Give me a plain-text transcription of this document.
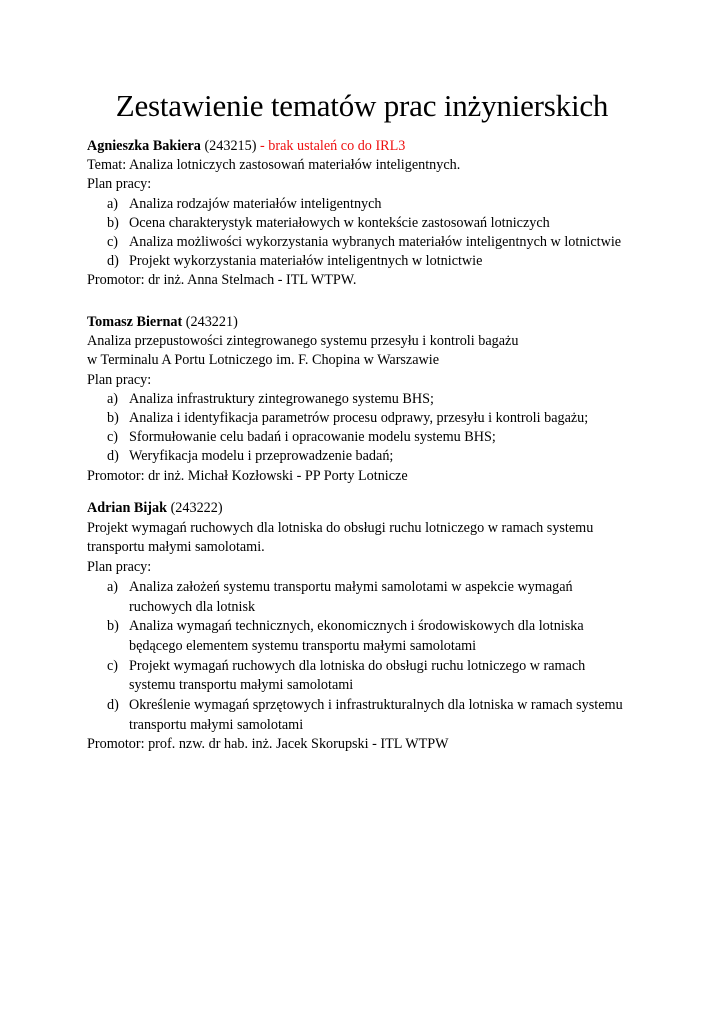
Zestawienie tematów prac inżynierskich
Agnieszka Bakiera (243215) - brak ustaleń co do IRL3
Temat: Analiza lotniczych zastosowań materiałów inteligentnych.
Plan pracy:
a) Analiza rodzajów materiałów inteligentnych
b) Ocena charakterystyk materiałowych w kontekście zastosowań lotniczych
c) Analiza możliwości wykorzystania wybranych materiałów inteligentnych w lotnictwie
d) Projekt wykorzystania materiałów inteligentnych w lotnictwie
Promotor: dr inż. Anna Stelmach - ITL WTPW.
Tomasz Biernat (243221)
Analiza przepustowości zintegrowanego systemu przesyłu i kontroli bagażu
w Terminalu A Portu Lotniczego im. F. Chopina w Warszawie
Plan pracy:
a) Analiza infrastruktury zintegrowanego systemu BHS;
b) Analiza i identyfikacja parametrów procesu odprawy, przesyłu i kontroli bagażu;
c) Sformułowanie celu badań i opracowanie modelu systemu BHS;
d) Weryfikacja modelu i przeprowadzenie badań;
Promotor: dr inż. Michał Kozłowski - PP Porty Lotnicze
Adrian Bijak (243222)
Projekt wymagań ruchowych dla lotniska do obsługi ruchu lotniczego w ramach systemu
transportu małymi samolotami.
Plan pracy:
a) Analiza założeń systemu transportu małymi samolotami w aspekcie wymagań
ruchowych dla lotnisk
b) Analiza wymagań technicznych, ekonomicznych i środowiskowych dla lotniska
będącego elementem systemu transportu małymi samolotami
c) Projekt wymagań ruchowych dla lotniska do obsługi ruchu lotniczego w ramach
systemu transportu małymi samolotami
d) Określenie wymagań sprzętowych i infrastrukturalnych dla lotniska w ramach systemu
transportu małymi samolotami
Promotor: prof. nzw. dr hab. inż. Jacek Skorupski - ITL WTPW
